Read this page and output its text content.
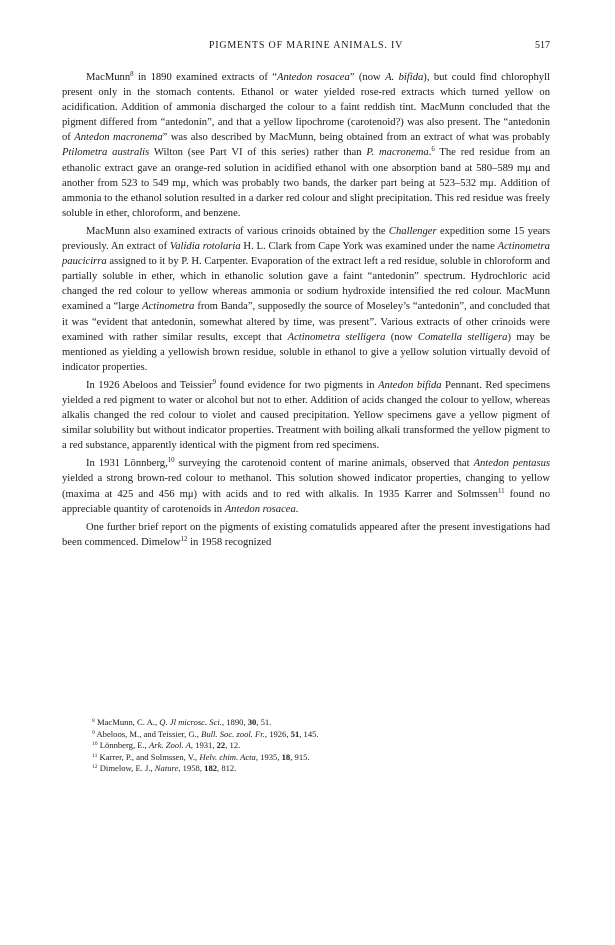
PIGMENTS OF MARINE ANIMALS. IV	517

MacMunn$^8$ in 1890 examined extracts of “Antedon rosacea” (now A. bifida), but could find chlorophyll present only in the stomach contents. Ethanol or water yielded rose-red extracts which turned yellow on acidification. Addition of ammonia discharged the colour to a faint reddish tint. MacMunn concluded that the pigment differed from “antedonin”, and that a yellow lipochrome (carotenoid?) was also present. The “antedonin of Antedon macronema” was also described by MacMunn, being obtained from an extract of what was probably Ptilometra australis Wilton (see Part VI of this series) rather than P. macronema.$^6$ The red residue from an ethanolic extract gave an orange-red solution in acidified ethanol with one absorption band at 580–589 mμ and another from 523 to 549 mμ, which was probably two bands, the darker part being at 523–532 mμ. Addition of ammonia to the ethanol solution resulted in a darker red colour and slight precipitation. This red residue was freely soluble in ether, chloroform, and benzene.

MacMunn also examined extracts of various crinoids obtained by the Challenger expedition some 15 years previously. An extract of Validia rotolaria H. L. Clark from Cape York was examined under the name Actinometra paucicirra assigned to it by P. H. Carpenter. Evaporation of the extract left a red residue, soluble in chloroform and partially soluble in ether, which in ethanolic solution gave a faint “antedonin” spectrum. Hydrochloric acid changed the red colour to yellow whereas ammonia or sodium hydroxide intensified the red colour. MacMunn examined a “large Actinometra from Banda”, supposedly the source of Moseley’s “antedonin”, and concluded that it was “evident that antedonin, somewhat altered by time, was present”. Various extracts of other crinoids were examined with rather similar results, except that Actinometra stelligera (now Comatella stelligera) may be mentioned as yielding a yellowish brown residue, soluble in ethanol to give a yellow solution virtually devoid of indicator properties.

In 1926 Abeloos and Teissier$^9$ found evidence for two pigments in Antedon bifida Pennant. Red specimens yielded a red pigment to water or alcohol but not to ether. Addition of acids changed the colour to yellow, whereas alkalis changed the red colour to violet and caused precipitation. Yellow specimens gave a yellow pigment of similar solubility but without indicator properties. Treatment with boiling alkali transformed the yellow pigment to a red substance, apparently identical with the pigment from red specimens.

In 1931 Lönnberg,$^{10}$ surveying the carotenoid content of marine animals, observed that Antedon pentasus yielded a strong brown-red colour to methanol. This solution showed indicator properties, changing to yellow (maxima at 425 and 456 mμ) with acids and to red with alkalis. In 1935 Karrer and Solmssen$^{11}$ found no appreciable quantity of carotenoids in Antedon rosacea.

One further brief report on the pigments of existing comatulids appeared after the present investigations had been commenced. Dimelow$^{12}$ in 1958 recognized

$^8$ MacMunn, C. A., Q. Jl microsc. Sci., 1890, 30, 51.
$^9$ Abeloos, M., and Teissier, G., Bull. Soc. zool. Fr., 1926, 51, 145.
$^{10}$ Lönnberg, E., Ark. Zool. A, 1931, 22, 12.
$^{11}$ Karrer, P., and Solmssen, V., Helv. chim. Acta, 1935, 18, 915.
$^{12}$ Dimelow, E. J., Nature, 1958, 182, 812.
